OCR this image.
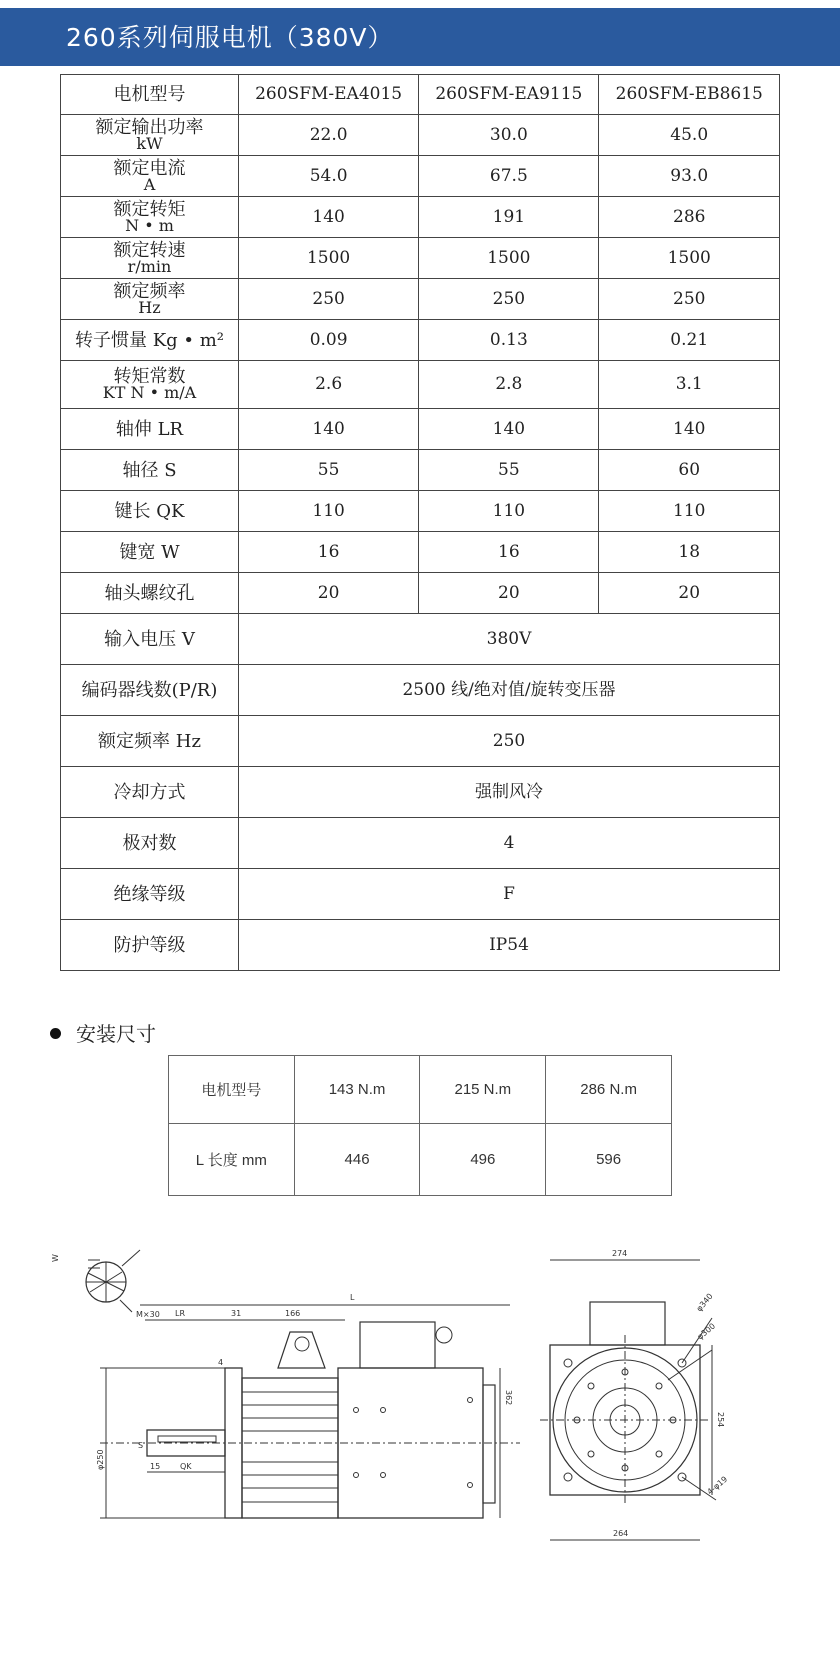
260系列伺服电机（380V）
电机型号	260SFM-EA4015	260SFM-EA9115	260SFM-EB8615
额定输出功率
kW	22.0	30.0	45.0
额定电流
A	54.0	67.5	93.0
额定转矩
N • m	140	191	286
额定转速
r/min	1500	1500	1500
额定频率
Hz	250	250	250
转子惯量 Kg • m²	0.09	0.13	0.21
转矩常数
KT N • m/A	2.6	2.8	3.1
轴伸 LR	140	140	140
轴径 S	55	55	60
键长 QK	110	110	110
键宽 W	16	16	18
轴头螺纹孔	20	20	20
输入电压 V	380V		
编码器线数(P/R)	2500 线/绝对值/旋转变压器		
额定频率 Hz	250		
冷却方式	强制风冷		
极对数	4		
绝缘等级	F		
防护等级	IP54		
安装尺寸
电机型号	143 N.m	215 N.m	286 N.m
L 长度 mm	446	496	596
W
M×30
L
LR	31	166
4
φ250	15 QK
S
362
274
264
254
φ340
φ300
4-φ19
